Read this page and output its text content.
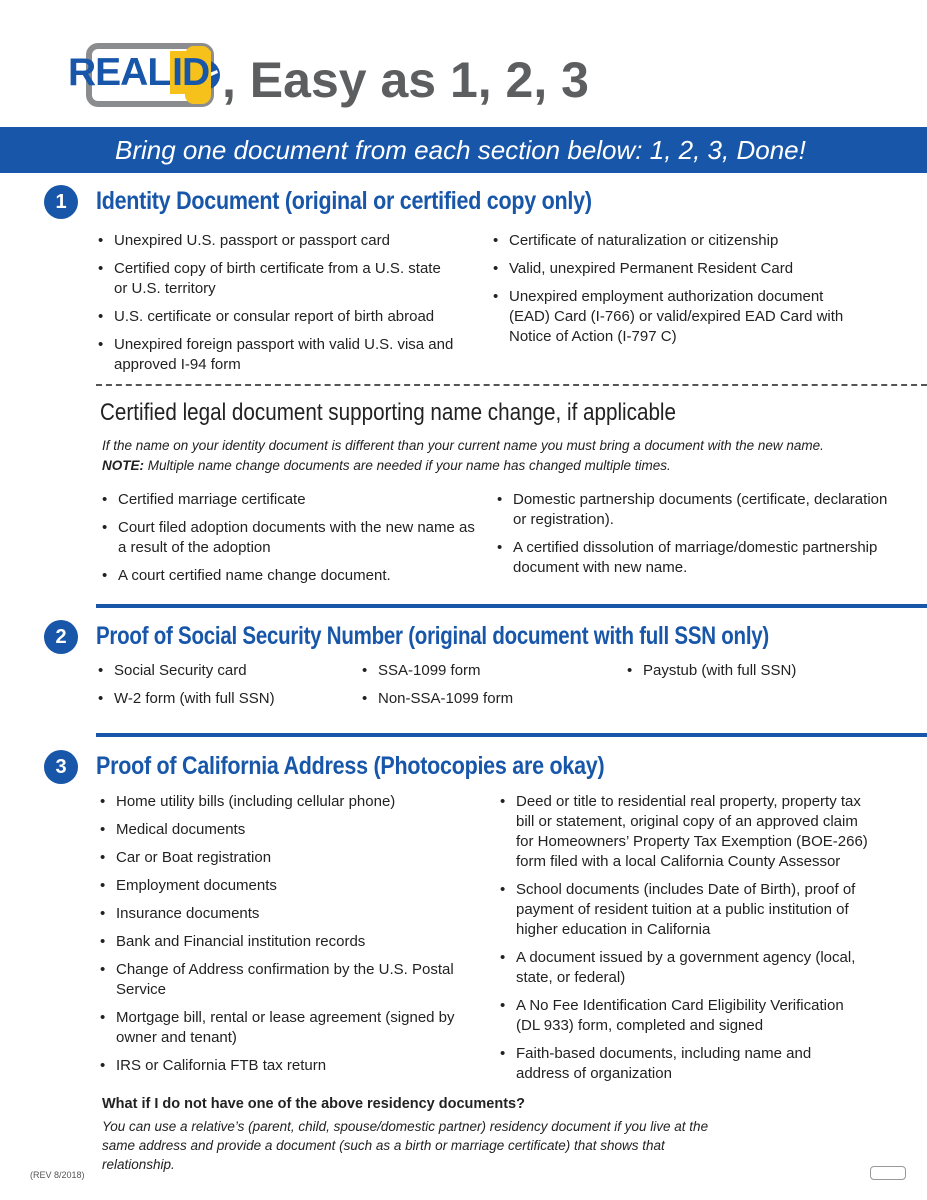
REALID , Easy as 1, 2, 3
Bring one document from each section below: 1, 2, 3, Done!
1	Identity Document (original or certified copy only)
• Unexpired U.S. passport or passport card
• Certified copy of birth certificate from a U.S. state or U.S. territory
• U.S. certificate or consular report of birth abroad
• Unexpired foreign passport with valid U.S. visa and approved I-94 form
• Certificate of naturalization or citizenship
• Valid, unexpired Permanent Resident Card
• Unexpired employment authorization document (EAD) Card (I-766) or valid/expired EAD Card with Notice of Action (I-797 C)
Certified legal document supporting name change, if applicable
If the name on your identity document is different than your current name you must bring a document with the new name.
NOTE: Multiple name change documents are needed if your name has changed multiple times.
• Certified marriage certificate
• Court filed adoption documents with the new name as a result of the adoption
• A court certified name change document.
• Domestic partnership documents (certificate, declaration or registration).
• A certified dissolution of marriage/domestic partnership document with new name.
2	Proof of Social Security Number (original document with full SSN only)
• Social Security card
• W-2 form (with full SSN)
• SSA-1099 form
• Non-SSA-1099 form
• Paystub (with full SSN)
3	Proof of California Address (Photocopies are okay)
• Home utility bills (including cellular phone)
• Medical documents
• Car or Boat registration
• Employment documents
• Insurance documents
• Bank and Financial institution records
• Change of Address confirmation by the U.S. Postal Service
• Mortgage bill, rental or lease agreement (signed by owner and tenant)
• IRS or California FTB tax return
• Deed or title to residential real property, property tax bill or statement, original copy of an approved claim for Homeowners’ Property Tax Exemption (BOE-266) form filed with a local California County Assessor
• School documents (includes Date of Birth), proof of payment of resident tuition at a public institution of higher education in California
• A document issued by a government agency (local, state, or federal)
• A No Fee Identification Card Eligibility Verification (DL 933) form, completed and signed
• Faith-based documents, including name and address of organization
What if I do not have one of the above residency documents?
You can use a relative’s (parent, child, spouse/domestic partner) residency document if you live at the same address and provide a document (such as a birth or marriage certificate) that shows that relationship.
(REV 8/2018)
